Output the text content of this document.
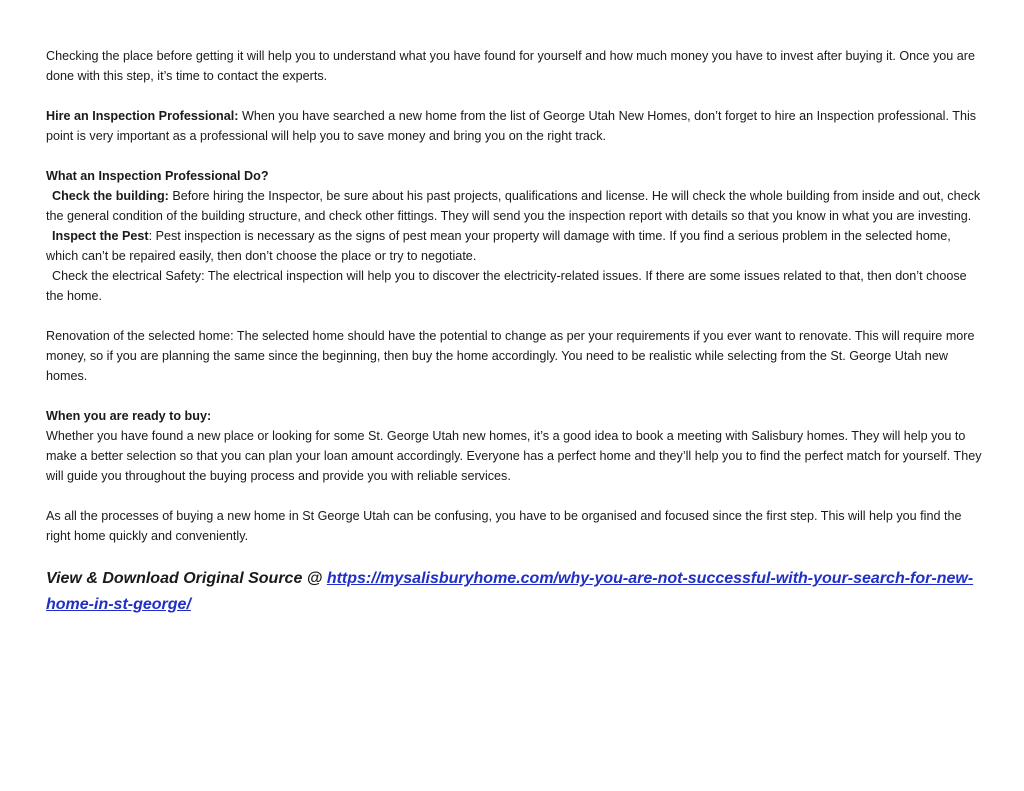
Checking the place before getting it will help you to understand what you have found for yourself and how much money you have to invest after buying it. Once you are done with this step, it’s time to contact the experts.

Hire an Inspection Professional: When you have searched a new home from the list of George Utah New Homes, don’t forget to hire an Inspection professional. This point is very important as a professional will help you to save money and bring you on the right track.

What an Inspection Professional Do?

Check the building: Before hiring the Inspector, be sure about his past projects, qualifications and license. He will check the whole building from inside and out, check the general condition of the building structure, and check other fittings. They will send you the inspection report with details so that you know in what you are investing.

Inspect the Pest: Pest inspection is necessary as the signs of pest mean your property will damage with time. If you find a serious problem in the selected home, which can’t be repaired easily, then don’t choose the place or try to negotiate.

Check the electrical Safety: The electrical inspection will help you to discover the electricity-related issues. If there are some issues related to that, then don’t choose the home.

Renovation of the selected home: The selected home should have the potential to change as per your requirements if you ever want to renovate. This will require more money, so if you are planning the same since the beginning, then buy the home accordingly. You need to be realistic while selecting from the St. George Utah new homes.

When you are ready to buy:

Whether you have found a new place or looking for some St. George Utah new homes, it’s a good idea to book a meeting with Salisbury homes. They will help you to make a better selection so that you can plan your loan amount accordingly. Everyone has a perfect home and they’ll help you to find the perfect match for yourself. They will guide you throughout the buying process and provide you with reliable services.

As all the processes of buying a new home in St George Utah can be confusing, you have to be organised and focused since the first step. This will help you find the right home quickly and conveniently.

View & Download Original Source @ https://mysalisburyhome.com/why-you-are-not-successful-with-your-search-for-new-home-in-st-george/
